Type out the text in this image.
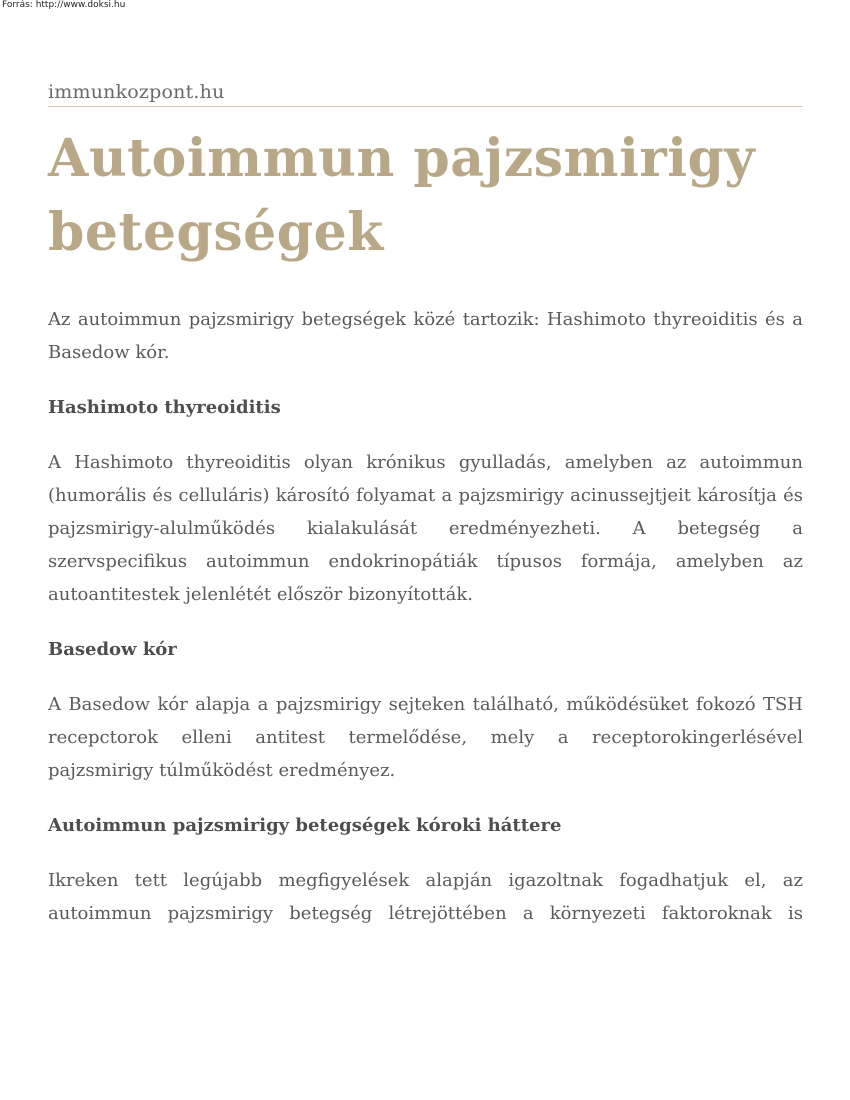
Forrás: http://www.doksi.hu
immunkozpont.hu
Autoimmun pajzsmirigy betegségek

Az autoimmun pajzsmirigy betegségek közé tartozik: Hashimoto thyreoiditis és a Basedow kór.

Hashimoto thyreoiditis

A Hashimoto thyreoiditis olyan krónikus gyulladás, amelyben az autoimmun (humorális és celluláris) károsító folyamat a pajzsmirigy acinussejtjeit károsítja és pajzsmirigy-alulműködés kialakulását eredményezheti. A betegség a szervspecifikus autoimmun endokrinopátiák típusos formája, amelyben az autoantitestek jelenlétét először bizonyították.

Basedow kór

A Basedow kór alapja a pajzsmirigy sejteken található, működésüket fokozó TSH recepctorok elleni antitest termelődése, mely a receptorokingerlésével pajzsmirigy túlműködést eredményez.

Autoimmun pajzsmirigy betegségek kóroki háttere

Ikreken tett legújabb megfigyelések alapján igazoltnak fogadhatjuk el, az autoimmun pajzsmirigy betegség létrejöttében a környezeti faktoroknak is
